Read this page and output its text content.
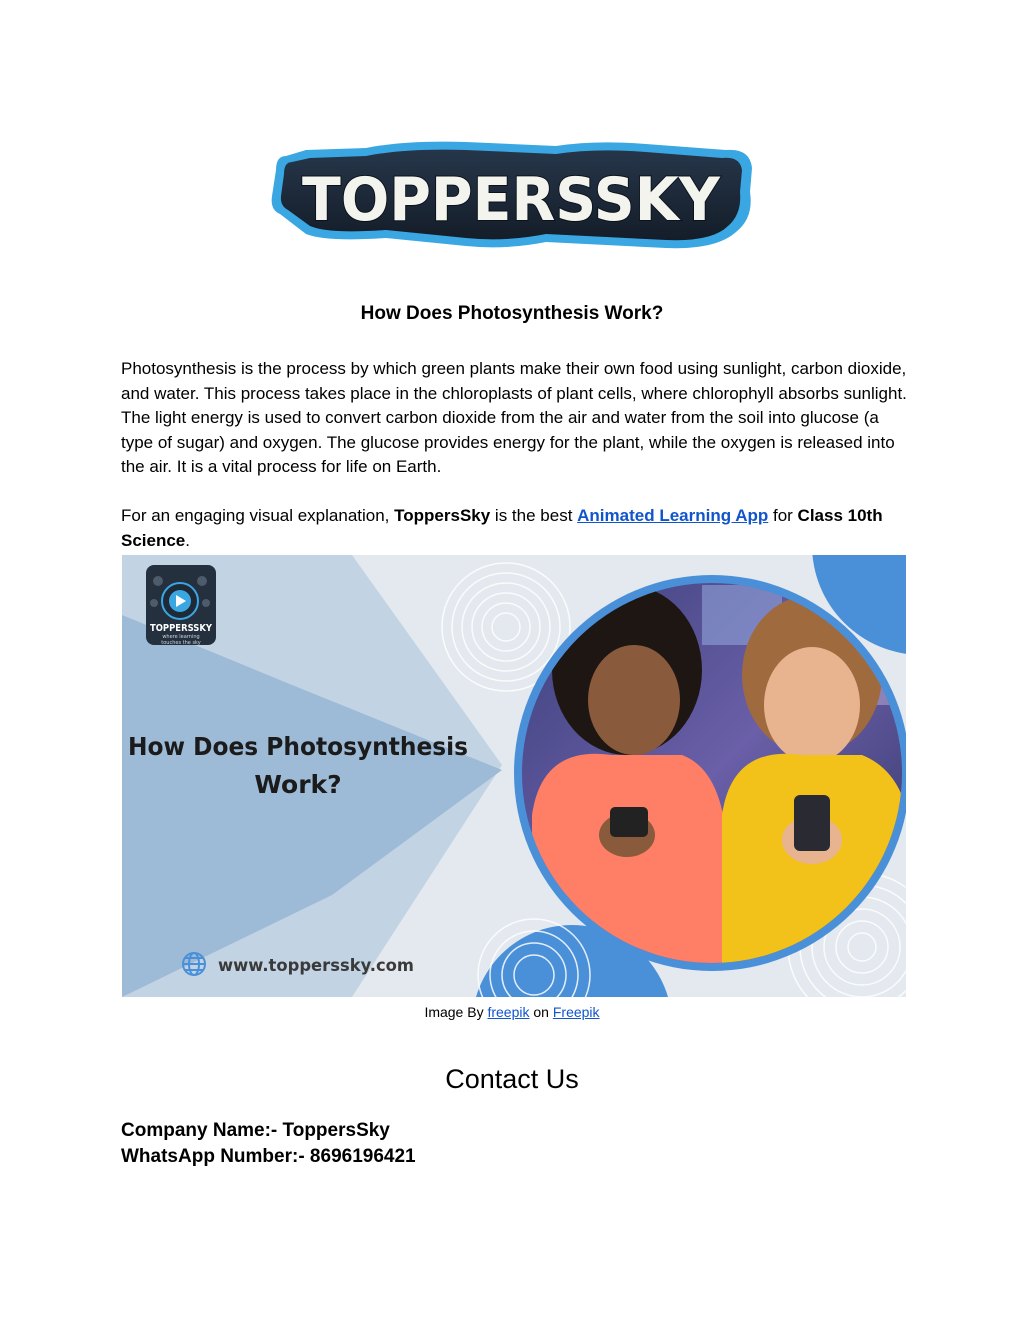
TOPPERSSKY
How Does Photosynthesis Work?

Photosynthesis is the process by which green plants make their own food using sunlight, carbon dioxide, and water. This process takes place in the chloroplasts of plant cells, where chlorophyll absorbs sunlight. The light energy is used to convert carbon dioxide from the air and water from the soil into glucose (a type of sugar) and oxygen. The glucose provides energy for the plant, while the oxygen is released into the air. It is a vital process for life on Earth.

For an engaging visual explanation, ToppersSky is the best Animated Learning App for Class 10th Science.

TOPPERSSKY
where learning
touches the sky
How Does Photosynthesis
Work?
www.topperssky.com
Image By freepik on Freepik
Contact Us
Company Name:- ToppersSky
WhatsApp Number:- 8696196421
